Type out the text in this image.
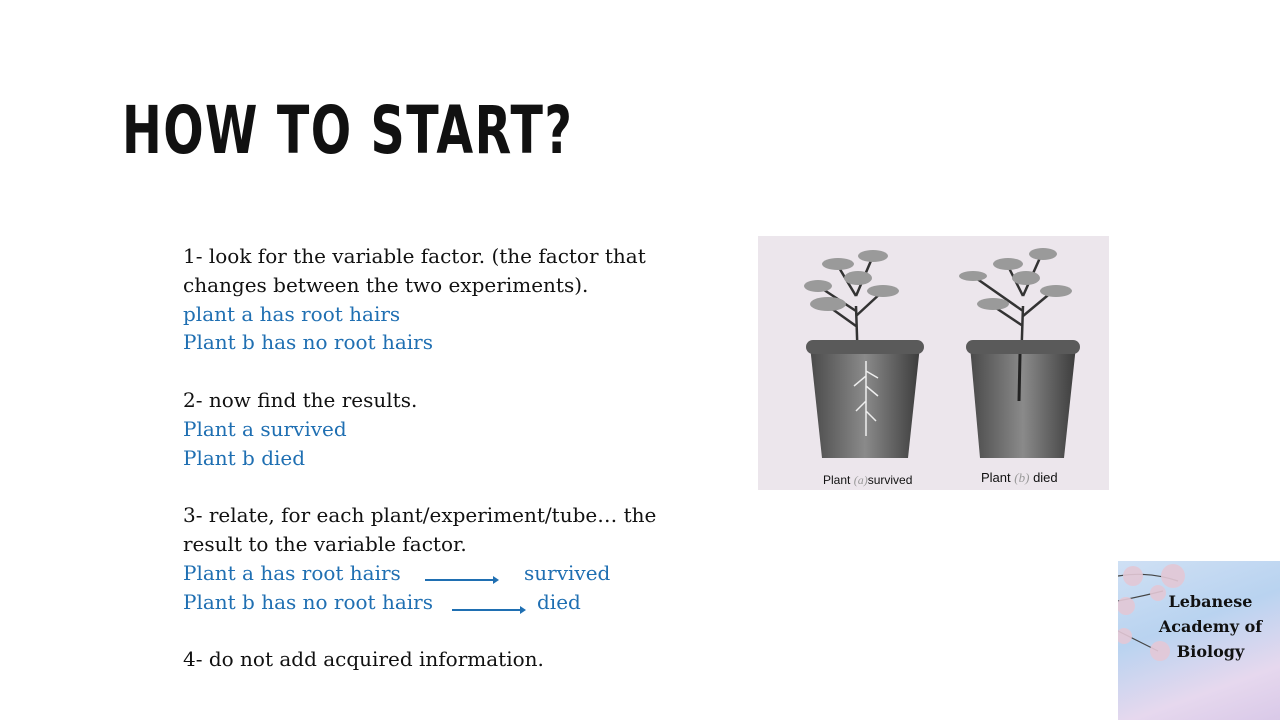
HOW TO START?
1- look for the variable factor. (the factor that
changes between the two experiments).
plant a has root hairs
Plant b has no root hairs
2- now find the results.
Plant a survived
Plant b died
3- relate, for each plant/experiment/tube… the
result to the variable factor.
Plant a has root hairs	survived
Plant b has no root hairs	died
4- do not add acquired information.
Plant (a)survived	Plant (b) died
Lebanese
Academy of
Biology
